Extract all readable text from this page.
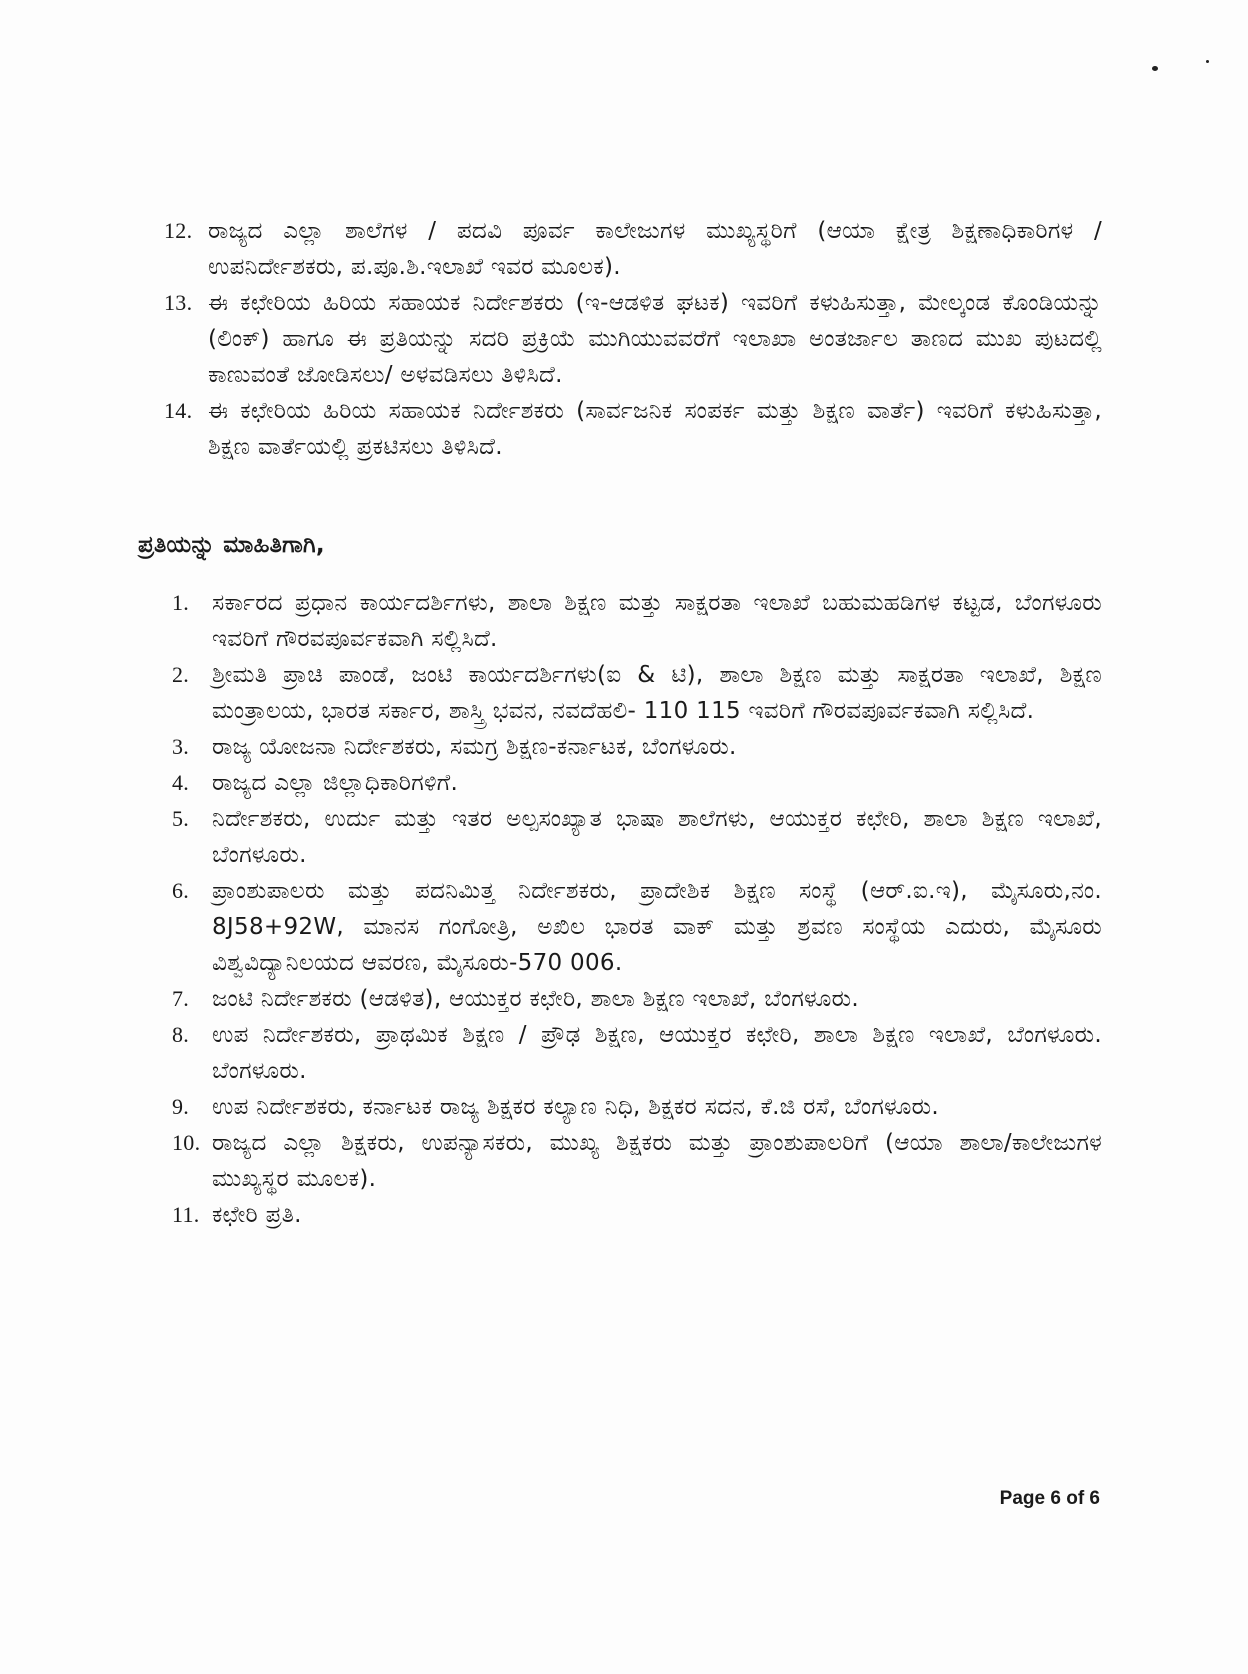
12. ರಾಜ್ಯದ ಎಲ್ಲಾ ಶಾಲೆಗಳ / ಪದವಿ ಪೂರ್ವ ಕಾಲೇಜುಗಳ ಮುಖ್ಯಸ್ಥರಿಗೆ (ಆಯಾ ಕ್ಷೇತ್ರ ಶಿಕ್ಷಣಾಧಿಕಾರಿಗಳ / ಉಪನಿರ್ದೇಶಕರು, ಪ.ಪೂ.ಶಿ.ಇಲಾಖೆ ಇವರ ಮೂಲಕ).
13. ಈ ಕಛೇರಿಯ ಹಿರಿಯ ಸಹಾಯಕ ನಿರ್ದೇಶಕರು (ಇ-ಆಡಳಿತ ಘಟಕ) ಇವರಿಗೆ ಕಳುಹಿಸುತ್ತಾ, ಮೇಲ್ಕಂಡ ಕೊಂಡಿಯನ್ನು (ಲಿಂಕ್) ಹಾಗೂ ಈ ಪ್ರತಿಯನ್ನು ಸದರಿ ಪ್ರಕ್ರಿಯೆ ಮುಗಿಯುವವರೆಗೆ ಇಲಾಖಾ ಅಂತರ್ಜಾಲ ತಾಣದ ಮುಖ ಪುಟದಲ್ಲಿ ಕಾಣುವಂತೆ ಜೋಡಿಸಲು/ ಅಳವಡಿಸಲು ತಿಳಿಸಿದೆ.
14. ಈ ಕಛೇರಿಯ ಹಿರಿಯ ಸಹಾಯಕ ನಿರ್ದೇಶಕರು (ಸಾರ್ವಜನಿಕ ಸಂಪರ್ಕ ಮತ್ತು ಶಿಕ್ಷಣ ವಾರ್ತೆ) ಇವರಿಗೆ ಕಳುಹಿಸುತ್ತಾ, ಶಿಕ್ಷಣ ವಾರ್ತೆಯಲ್ಲಿ ಪ್ರಕಟಿಸಲು ತಿಳಿಸಿದೆ.
ಪ್ರತಿಯನ್ನು ಮಾಹಿತಿಗಾಗಿ,
1. ಸರ್ಕಾರದ ಪ್ರಧಾನ ಕಾರ್ಯದರ್ಶಿಗಳು, ಶಾಲಾ ಶಿಕ್ಷಣ ಮತ್ತು ಸಾಕ್ಷರತಾ ಇಲಾಖೆ ಬಹುಮಹಡಿಗಳ ಕಟ್ಟಡ, ಬೆಂಗಳೂರು ಇವರಿಗೆ ಗೌರವಪೂರ್ವಕವಾಗಿ ಸಲ್ಲಿಸಿದೆ.
2. ಶ್ರೀಮತಿ ಪ್ರಾಚಿ ಪಾಂಡೆ, ಜಂಟಿ ಕಾರ್ಯದರ್ಶಿಗಳು(ಐ & ಟಿ), ಶಾಲಾ ಶಿಕ್ಷಣ ಮತ್ತು ಸಾಕ್ಷರತಾ ಇಲಾಖೆ, ಶಿಕ್ಷಣ ಮಂತ್ರಾಲಯ, ಭಾರತ ಸರ್ಕಾರ, ಶಾಸ್ತ್ರಿ ಭವನ, ನವದೆಹಲಿ- 110 115 ಇವರಿಗೆ ಗೌರವಪೂರ್ವಕವಾಗಿ ಸಲ್ಲಿಸಿದೆ.
3. ರಾಜ್ಯ ಯೋಜನಾ ನಿರ್ದೇಶಕರು, ಸಮಗ್ರ ಶಿಕ್ಷಣ-ಕರ್ನಾಟಕ, ಬೆಂಗಳೂರು.
4. ರಾಜ್ಯದ ಎಲ್ಲಾ ಜಿಲ್ಲಾಧಿಕಾರಿಗಳಿಗೆ.
5. ನಿರ್ದೇಶಕರು, ಉರ್ದು ಮತ್ತು ಇತರ ಅಲ್ಪಸಂಖ್ಯಾತ ಭಾಷಾ ಶಾಲೆಗಳು, ಆಯುಕ್ತರ ಕಛೇರಿ, ಶಾಲಾ ಶಿಕ್ಷಣ ಇಲಾಖೆ, ಬೆಂಗಳೂರು.
6. ಪ್ರಾಂಶುಪಾಲರು ಮತ್ತು ಪದನಿಮಿತ್ತ ನಿರ್ದೇಶಕರು, ಪ್ರಾದೇಶಿಕ ಶಿಕ್ಷಣ ಸಂಸ್ಥೆ (ಆರ್.ಐ.ಇ), ಮೈಸೂರು,ನಂ. 8J58+92W, ಮಾನಸ ಗಂಗೋತ್ರಿ, ಅಖಿಲ ಭಾರತ ವಾಕ್ ಮತ್ತು ಶ್ರವಣ ಸಂಸ್ಥೆಯ ಎದುರು, ಮೈಸೂರು ವಿಶ್ವವಿದ್ಯಾನಿಲಯದ ಆವರಣ, ಮೈಸೂರು-570 006.
7. ಜಂಟಿ ನಿರ್ದೇಶಕರು (ಆಡಳಿತ), ಆಯುಕ್ತರ ಕಛೇರಿ, ಶಾಲಾ ಶಿಕ್ಷಣ ಇಲಾಖೆ, ಬೆಂಗಳೂರು.
8. ಉಪ ನಿರ್ದೇಶಕರು, ಪ್ರಾಥಮಿಕ ಶಿಕ್ಷಣ / ಪ್ರೌಢ ಶಿಕ್ಷಣ, ಆಯುಕ್ತರ ಕಛೇರಿ, ಶಾಲಾ ಶಿಕ್ಷಣ ಇಲಾಖೆ, ಬೆಂಗಳೂರು. ಬೆಂಗಳೂರು.
9. ಉಪ ನಿರ್ದೇಶಕರು, ಕರ್ನಾಟಕ ರಾಜ್ಯ ಶಿಕ್ಷಕರ ಕಲ್ಯಾಣ ನಿಧಿ, ಶಿಕ್ಷಕರ ಸದನ, ಕೆ.ಜಿ ರಸೆ, ಬೆಂಗಳೂರು.
10. ರಾಜ್ಯದ ಎಲ್ಲಾ ಶಿಕ್ಷಕರು, ಉಪನ್ಯಾಸಕರು, ಮುಖ್ಯ ಶಿಕ್ಷಕರು ಮತ್ತು ಪ್ರಾಂಶುಪಾಲರಿಗೆ (ಆಯಾ ಶಾಲಾ/ಕಾಲೇಜುಗಳ ಮುಖ್ಯಸ್ಥರ ಮೂಲಕ).
11. ಕಛೇರಿ ಪ್ರತಿ.
Page 6 of 6
